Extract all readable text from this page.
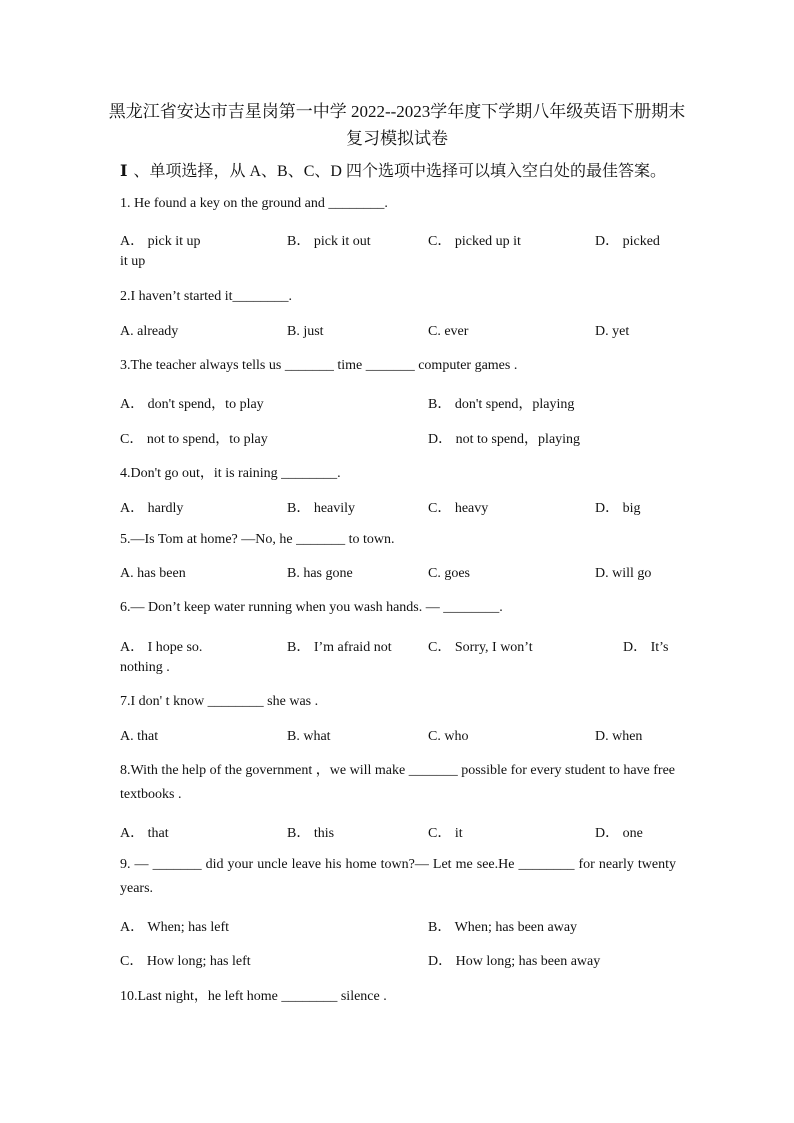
黑龙江省安达市吉星岗第一中学 2022--2023学年度下学期八年级英语下册期末
复习模拟试卷
Ⅰ 、单项选择，从 A、B、C、D 四个选项中选择可以填入空白处的最佳答案。
1. He found a key on the ground and ________.
A． pick it up	B． pick it out	C． picked up it	D． picked
it up
2.I haven’t started it________.
A. already	B. just	C. ever	D. yet
3.The teacher always tells us _______ time _______ computer games .
A． don't spend，to play	B． don't spend，playing
C． not to spend，to play	D． not to spend，playing
4.Don't go out，it is raining ________.
A． hardly	B． heavily	C． heavy	D． big
5.—Is Tom at home? —No, he _______ to town.
A. has been	B. has gone	C. goes	D. will go
6.— Don’t keep water running when you wash hands. — ________.
A． I hope so.	B． I’m afraid not	C． Sorry, I won’t	D． It’s
nothing .
7.I don' t know ________ she was .
A. that	B. what	C. who	D. when
8.With the help of the government ，we will make _______ possible for every student to have free textbooks .
A． that	B． this	C． it	D． one
9. — _______ did your uncle leave his home town?— Let me see.He ________ for nearly twenty years.
A． When; has left	B． When; has been away
C． How long; has left	D． How long; has been away
10.Last night，he left home ________ silence .
